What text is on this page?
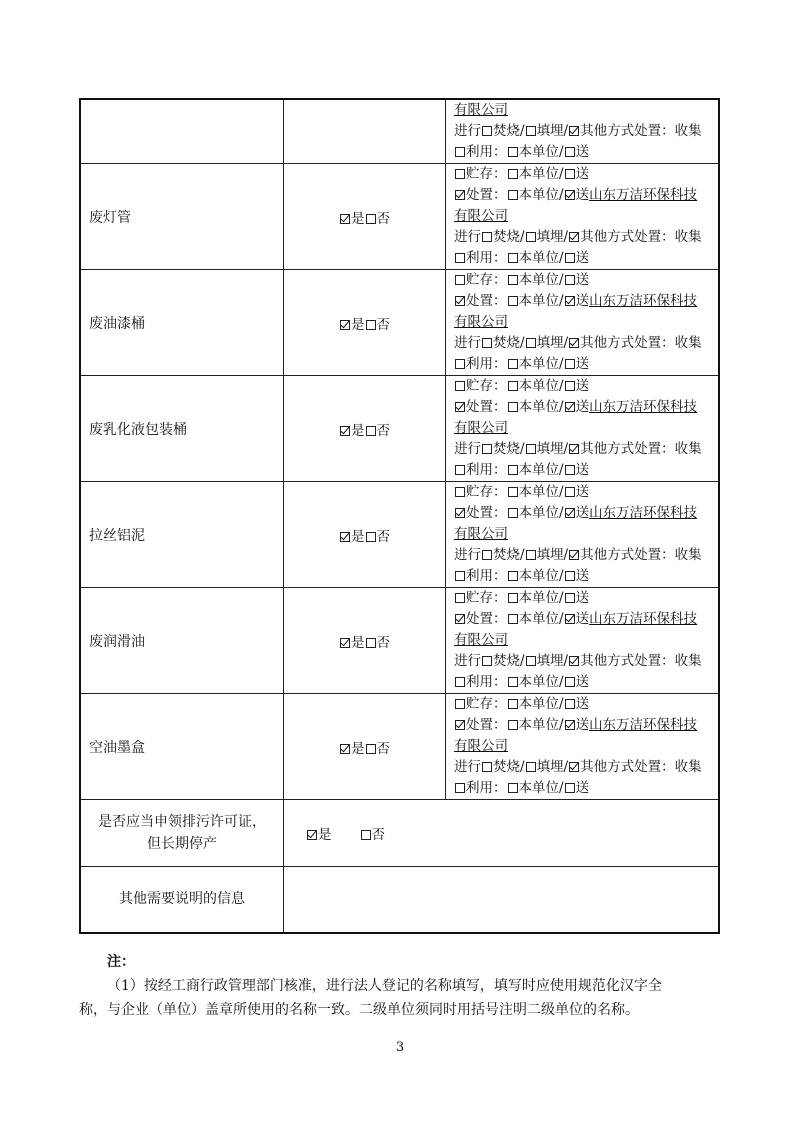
		有限公司
进行 焚烧/ 填埋/ 其他方式处置：收集
利用： 本单位/ 送

废灯管	是 否	贮存： 本单位/ 送
处置： 本单位/ 送山东万洁环保科技
有限公司
进行 焚烧/ 填埋/ 其他方式处置：收集
利用： 本单位/ 送

废油漆桶	是 否	贮存： 本单位/ 送
处置： 本单位/ 送山东万洁环保科技
有限公司
进行 焚烧/ 填埋/ 其他方式处置：收集
利用： 本单位/ 送

废乳化液包装桶	是 否	贮存： 本单位/ 送
处置： 本单位/ 送山东万洁环保科技
有限公司
进行 焚烧/ 填埋/ 其他方式处置：收集
利用： 本单位/ 送

拉丝铝泥	是 否	贮存： 本单位/ 送
处置： 本单位/ 送山东万洁环保科技
有限公司
进行 焚烧/ 填埋/ 其他方式处置：收集
利用： 本单位/ 送

废润滑油	是 否	贮存： 本单位/ 送
处置： 本单位/ 送山东万洁环保科技
有限公司
进行 焚烧/ 填埋/ 其他方式处置：收集
利用： 本单位/ 送

空油墨盒	是 否	贮存： 本单位/ 送
处置： 本单位/ 送山东万洁环保科技
有限公司
进行 焚烧/ 填埋/ 其他方式处置：收集
利用： 本单位/ 送

是否应当申领排污许可证，
但长期停产	是 否	
其他需要说明的信息		
注：
（1）按经工商行政管理部门核准，进行法人登记的名称填写，填写时应使用规范化汉字全
称，与企业（单位）盖章所使用的名称一致。二级单位须同时用括号注明二级单位的名称。
3
